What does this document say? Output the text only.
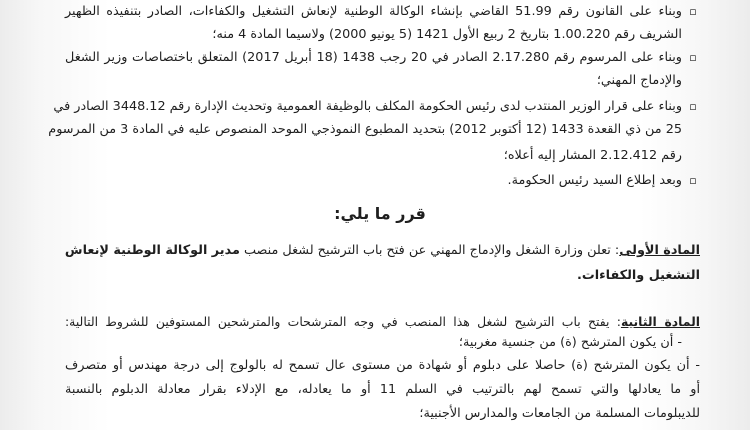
▫
وبناء على القانون رقم 51.99 القاضي بإنشاء الوكالة الوطنية لإنعاش التشغيل والكفاءات، الصادر بتنفيذه الظهير
الشريف رقم 1.00.220 بتاريخ 2 ربيع الأول 1421 (5 يونيو 2000) ولاسيما المادة 4 منه؛
▫
وبناء على المرسوم رقم 2.17.280 الصادر في 20 رجب 1438 (18 أبريل 2017) المتعلق باختصاصات وزير الشغل
والإدماج المهني؛
▫
وبناء على قرار الوزير المنتدب لدى رئيس الحكومة المكلف بالوظيفة العمومية وتحديث الإدارة رقم 3448.12 الصادر في
25 من ذي القعدة 1433 (12 أكتوبر 2012) بتحديد المطبوع النموذجي الموحد المنصوص عليه في المادة 3 من المرسوم
رقم 2.12.412 المشار إليه أعلاه؛
▫
وبعد إطلاع السيد رئيس الحكومة.
قرر ما يلي:
المادة الأولى: تعلن وزارة الشغل والإدماج المهني عن فتح باب الترشيح لشغل منصب مدير الوكالة الوطنية لإنعاش
التشغيل والكفاءات.
المادة الثانية: يفتح باب الترشيح لشغل هذا المنصب في وجه المترشحات والمترشحين المستوفين للشروط التالية:
- أن يكون المترشح (ة) من جنسية مغربية؛
- أن يكون المترشح (ة) حاصلا على دبلوم أو شهادة من مستوى عال تسمح له بالولوج إلى درجة مهندس أو متصرف
أو ما يعادلها والتي تسمح لهم بالترتيب في السلم 11 أو ما يعادله، مع الإدلاء بقرار معادلة الدبلوم بالنسبة
للديبلومات المسلمة من الجامعات والمدارس الأجنبية؛
